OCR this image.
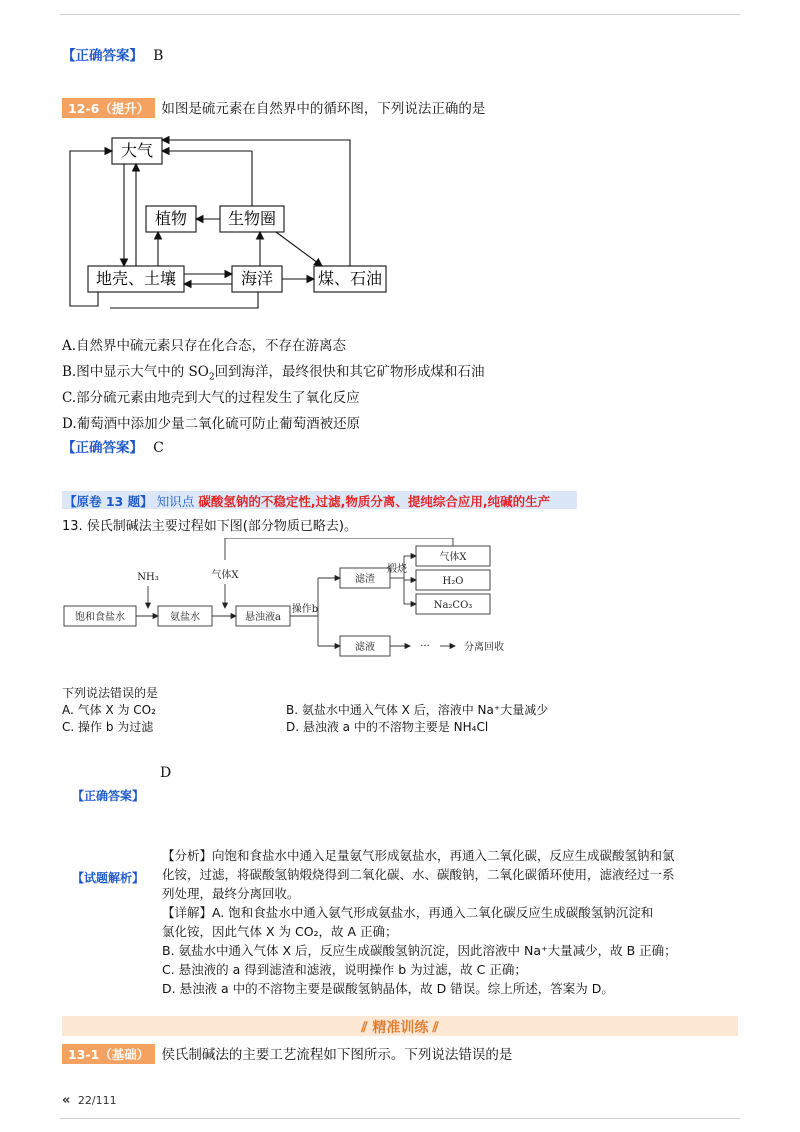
【正确答案】 B
12-6（提升） 如图是硫元素在自然界中的循环图，下列说法正确的是
大气
植物	生物圈
地壳、土壤	海洋	煤、石油
A.自然界中硫元素只存在化合态，不存在游离态
B.图中显示大气中的 $SO_2$回到海洋，最终很快和其它矿物形成煤和石油
C.部分硫元素由地壳到大气的过程发生了氧化反应
D.葡萄酒中添加少量二氧化硫可防止葡萄酒被还原
【正确答案】 C
【原卷 13 题】 知识点 碳酸氢钠的不稳定性,过滤,物质分离、提纯综合应用,纯碱的生产
13. 侯氏制碱法主要过程如下图(部分物质已略去)。
NH₃	气体X
饱和食盐水	氨盐水	悬浊液a
操作b
滤渣
煅烧
气体X
H₂O
Na₂CO₃
滤液	···	分离回收
下列说法错误的是
A. 气体 X 为 CO₂	B. 氨盐水中通入气体 X 后，溶液中 Na⁺大量减少
C. 操作 b 为过滤	D. 悬浊液 a 中的不溶物主要是 NH₄Cl
D
【正确答案】
【试题解析】
【分析】向饱和食盐水中通入足量氨气形成氨盐水，再通入二氧化碳，反应生成碳酸氢钠和氯
化铵，过滤，将碳酸氢钠煅烧得到二氧化碳、水、碳酸钠，二氧化碳循环使用，滤液经过一系
列处理，最终分离回收。
【详解】A. 饱和食盐水中通入氨气形成氨盐水，再通入二氧化碳反应生成碳酸氢钠沉淀和
氯化铵，因此气体 X 为 CO₂，故 A 正确；
B. 氨盐水中通入气体 X 后，反应生成碳酸氢钠沉淀，因此溶液中 Na⁺大量减少，故 B 正确；
C. 悬浊液的 a 得到滤渣和滤液，说明操作 b 为过滤，故 C 正确；
D. 悬浊液 a 中的不溶物主要是碳酸氢钠晶体，故 D 错误。综上所述，答案为 D。
⫽ 精准训练 ⫽
13-1（基础） 侯氏制碱法的主要工艺流程如下图所示。下列说法错误的是
« 22/111
